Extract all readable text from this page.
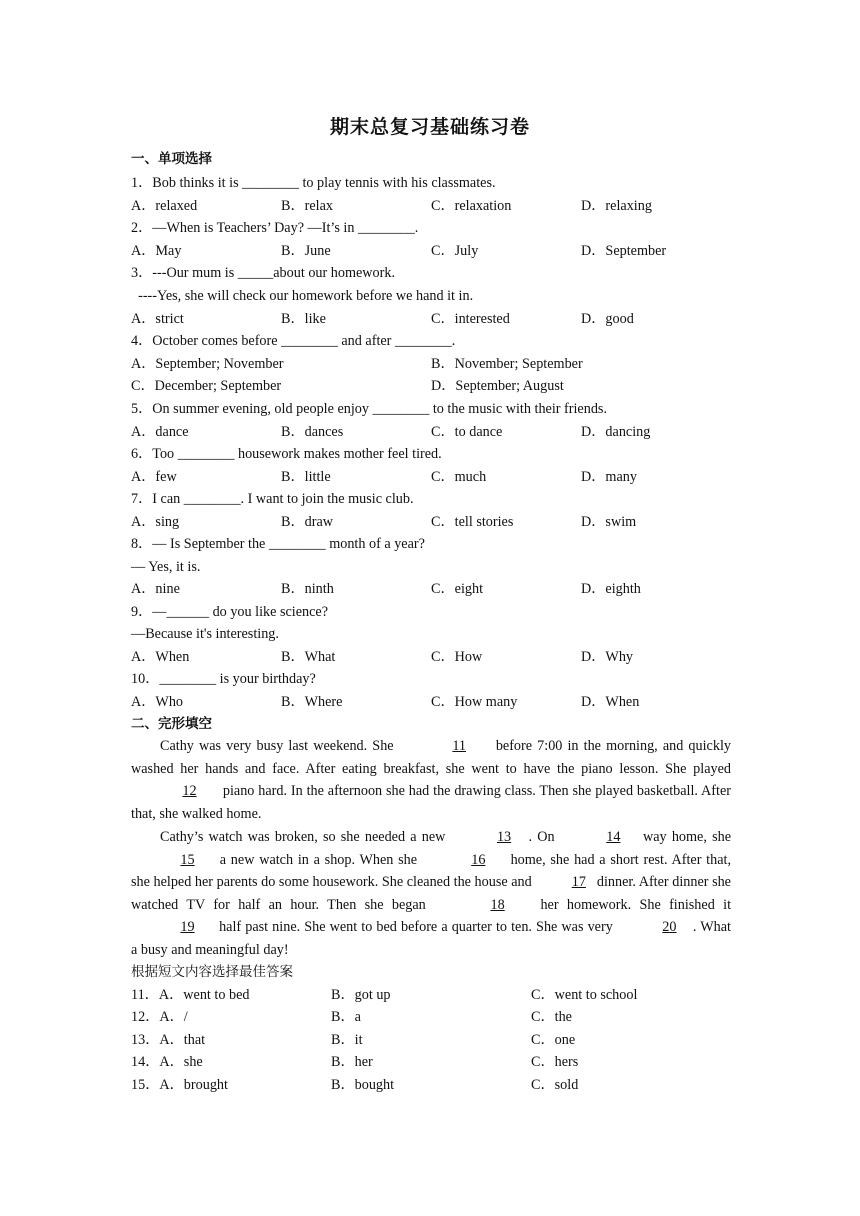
期末总复习基础练习卷
一、单项选择
1．Bob thinks it is ________ to play tennis with his classmates.
A．relaxed	B．relax	C．relaxation	D．relaxing
2．—When is Teachers’ Day? —It’s in ________.
A．May	B．June	C．July	D．September
3．---Our mum is _____about our homework.
----Yes, she will check our homework before we hand it in.
A．strict	B．like	C．interested	D．good
4．October comes before ________ and after ________.
A．September; November	B．November; September
C．December; September	D．September; August
5．On summer evening, old people enjoy ________ to the music with their friends.
A．dance	B．dances	C．to dance	D．dancing
6．Too ________ housework makes mother feel tired.
A．few	B．little	C．much	D．many
7．I can ________. I want to join the music club.
A．sing	B．draw	C．tell stories	D．swim
8．— Is September the ________ month of a year?
— Yes, it is.
A．nine	B．ninth	C．eight	D．eighth
9．—______ do you like science?
—Because it's interesting.
A．When	B．What	C．How	D．Why
10．________ is your birthday?
A．Who	B．Where	C．How many	D．When
二、完形填空
Cathy was very busy last weekend. She	11 before 7:00 in the morning, and quickly washed her hands and face. After eating breakfast, she went to have the piano lesson. She played 12 piano hard. In the afternoon she had the drawing class. Then she played basketball. After that, she walked home.
Cathy’s watch was broken, so she needed a new	13 . On	14 way home, she 15 a new watch in a shop. When she	16 home, she had a short rest. After that, she helped her parents do some housework. She cleaned the house and	17 dinner. After dinner she watched TV for half an hour. Then she began	18 her homework. She finished it 19 half past nine. She went to bed before a quarter to ten. She was very	20 . What a busy and meaningful day!
根据短文内容选择最佳答案
11．A．went to bed	B．got up	C．went to school
12．A．/	B．a	C．the
13．A．that	B．it	C．one
14．A．she	B．her	C．hers
15．A．brought	B．bought	C．sold
